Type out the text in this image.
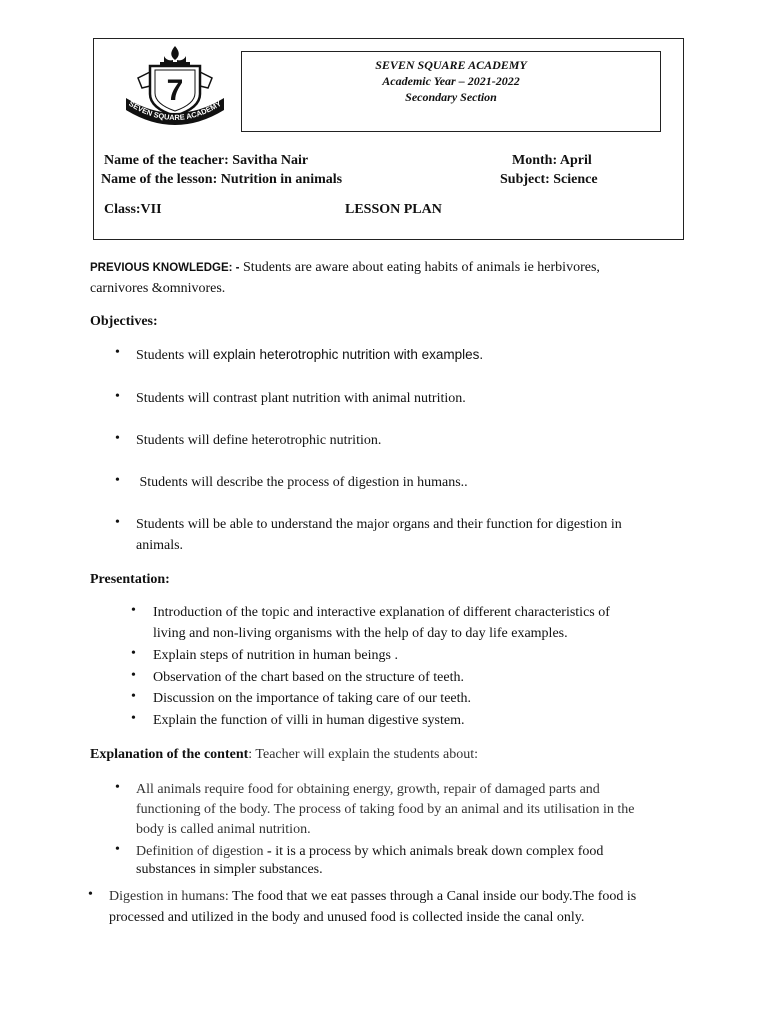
7
SEVEN SQUARE ACADEMY
SEVEN SQUARE ACADEMY
Academic Year – 2021-2022
Secondary Section
Name of the teacher: Savitha Nair	Month: April
Name of the lesson: Nutrition in animals	Subject: Science
Class:VII	LESSON PLAN
PREVIOUS KNOWLEDGE: - Students are aware about eating habits of animals ie herbivores,
carnivores &omnivores.
Objectives:
• Students will explain heterotrophic nutrition with examples.
• Students will contrast plant nutrition with animal nutrition.
• Students will define heterotrophic nutrition.
• Students will describe the process of digestion in humans..
• Students will be able to understand the major organs and their function for digestion in
animals.
Presentation:
• Introduction of the topic and interactive explanation of different characteristics of
living and non-living organisms with the help of day to day life examples.
• Explain steps of nutrition in human beings .
• Observation of the chart based on the structure of teeth.
• Discussion on the importance of taking care of our teeth.
• Explain the function of villi in human digestive system.
Explanation of the content: Teacher will explain the students about:
• All animals require food for obtaining energy, growth, repair of damaged parts and
functioning of the body. The process of taking food by an animal and its utilisation in the
body is called animal nutrition.
• Definition of digestion - it is a process by which animals break down complex food
substances in simpler substances.
• Digestion in humans: The food that we eat passes through a Canal inside our body.The food is
processed and utilized in the body and unused food is collected inside the canal only.
